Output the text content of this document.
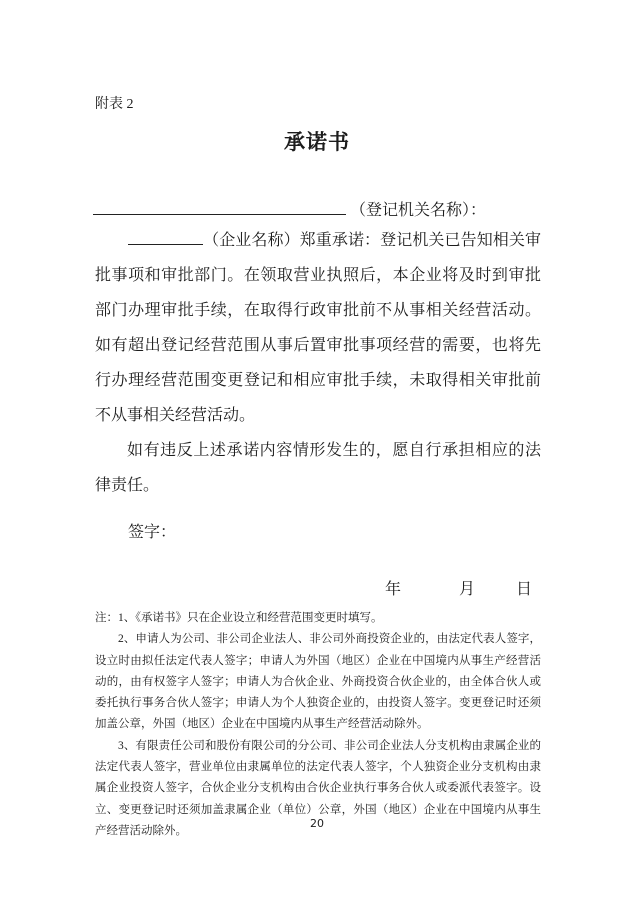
附表 2
承诺书
（登记机关名称）：

（企业名称）郑重承诺：登记机关已告知相关审批事项和审批部门。在领取营业执照后，本企业将及时到审批部门办理审批手续，在取得行政审批前不从事相关经营活动。如有超出登记经营范围从事后置审批事项经营的需要，也将先行办理经营范围变更登记和相应审批手续，未取得相关审批前不从事相关经营活动。

如有违反上述承诺内容情形发生的，愿自行承担相应的法律责任。

签字：
年	月	日

注：1、《承诺书》只在企业设立和经营范围变更时填写。

2、申请人为公司、非公司企业法人、非公司外商投资企业的，由法定代表人签字，设立时由拟任法定代表人签字；申请人为外国（地区）企业在中国境内从事生产经营活动的，由有权签字人签字；申请人为合伙企业、外商投资合伙企业的，由全体合伙人或委托执行事务合伙人签字；申请人为个人独资企业的，由投资人签字。变更登记时还须加盖公章，外国（地区）企业在中国境内从事生产经营活动除外。

3、有限责任公司和股份有限公司的分公司、非公司企业法人分支机构由隶属企业的法定代表人签字，营业单位由隶属单位的法定代表人签字，个人独资企业分支机构由隶属企业投资人签字，合伙企业分支机构由合伙企业执行事务合伙人或委派代表签字。设立、变更登记时还须加盖隶属企业（单位）公章，外国（地区）企业在中国境内从事生产经营活动除外。

20
